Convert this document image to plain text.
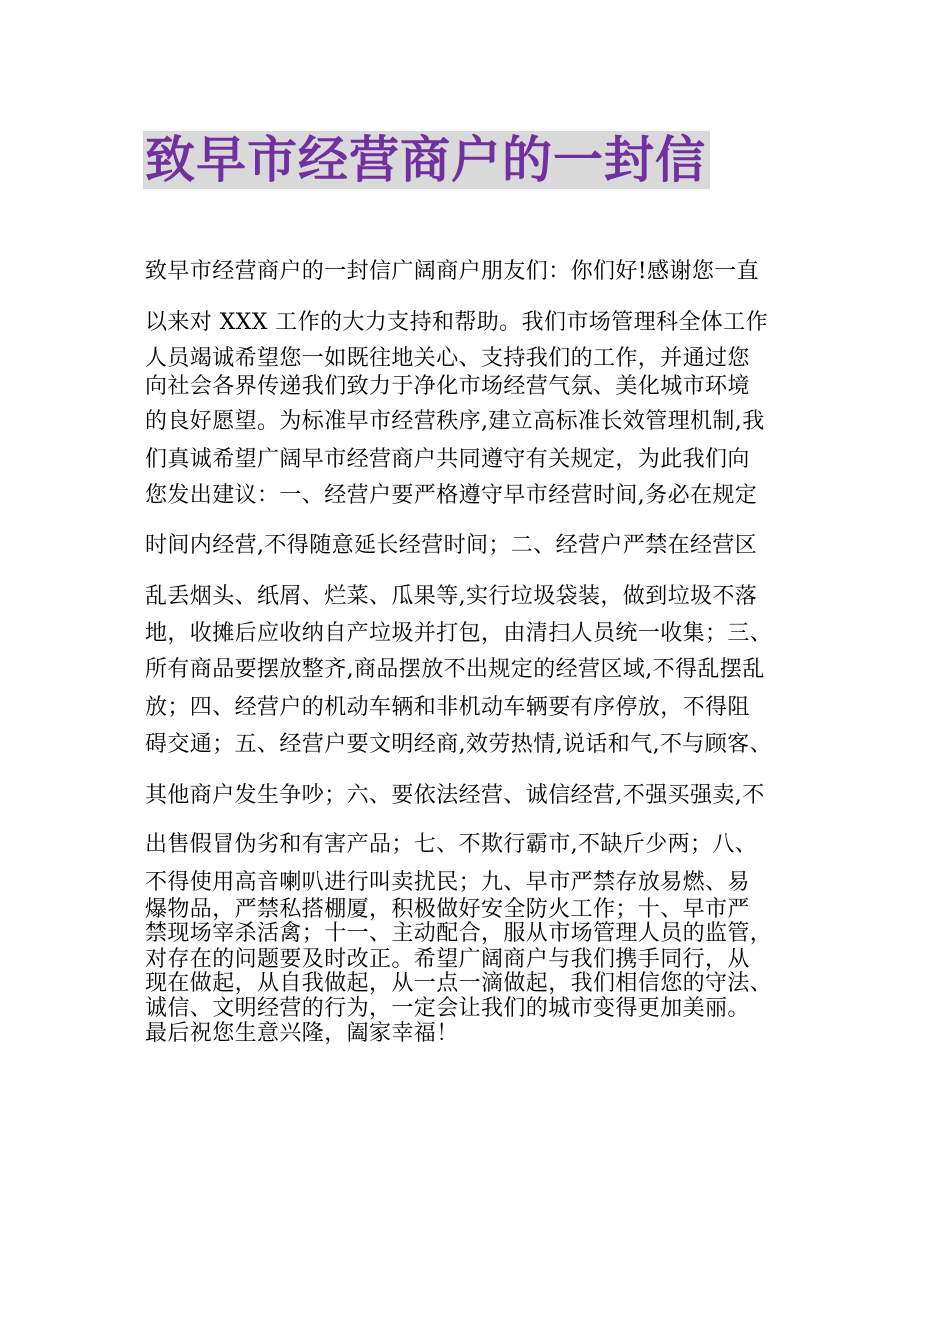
致早市经营商户的一封信
致早市经营商户的一封信广阔商户朋友们：你们好!感谢您一直
以来对 XXX 工作的大力支持和帮助。我们市场管理科全体工作
人员竭诚希望您一如既往地关心、支持我们的工作，并通过您
向社会各界传递我们致力于净化市场经营气氛、美化城市环境
的良好愿望。为标准早市经营秩序,建立高标准长效管理机制,我
们真诚希望广阔早市经营商户共同遵守有关规定，为此我们向
您发出建议：一、经营户要严格遵守早市经营时间,务必在规定
时间内经营,不得随意延长经营时间；二、经营户严禁在经营区
乱丢烟头、纸屑、烂菜、瓜果等,实行垃圾袋装，做到垃圾不落
地，收摊后应收纳自产垃圾并打包，由清扫人员统一收集；三、
所有商品要摆放整齐,商品摆放不出规定的经营区域,不得乱摆乱
放；四、经营户的机动车辆和非机动车辆要有序停放，不得阻
碍交通；五、经营户要文明经商,效劳热情,说话和气,不与顾客、
其他商户发生争吵；六、要依法经营、诚信经营,不强买强卖,不
出售假冒伪劣和有害产品；七、不欺行霸市,不缺斤少两；八、
不得使用高音喇叭进行叫卖扰民；九、早市严禁存放易燃、易
爆物品，严禁私搭棚厦，积极做好安全防火工作；十、早市严
禁现场宰杀活禽；十一、主动配合，服从市场管理人员的监管，
对存在的问题要及时改正。希望广阔商户与我们携手同行，从
现在做起，从自我做起，从一点一滴做起，我们相信您的守法、
诚信、文明经营的行为，一定会让我们的城市变得更加美丽。
最后祝您生意兴隆，阖家幸福！
